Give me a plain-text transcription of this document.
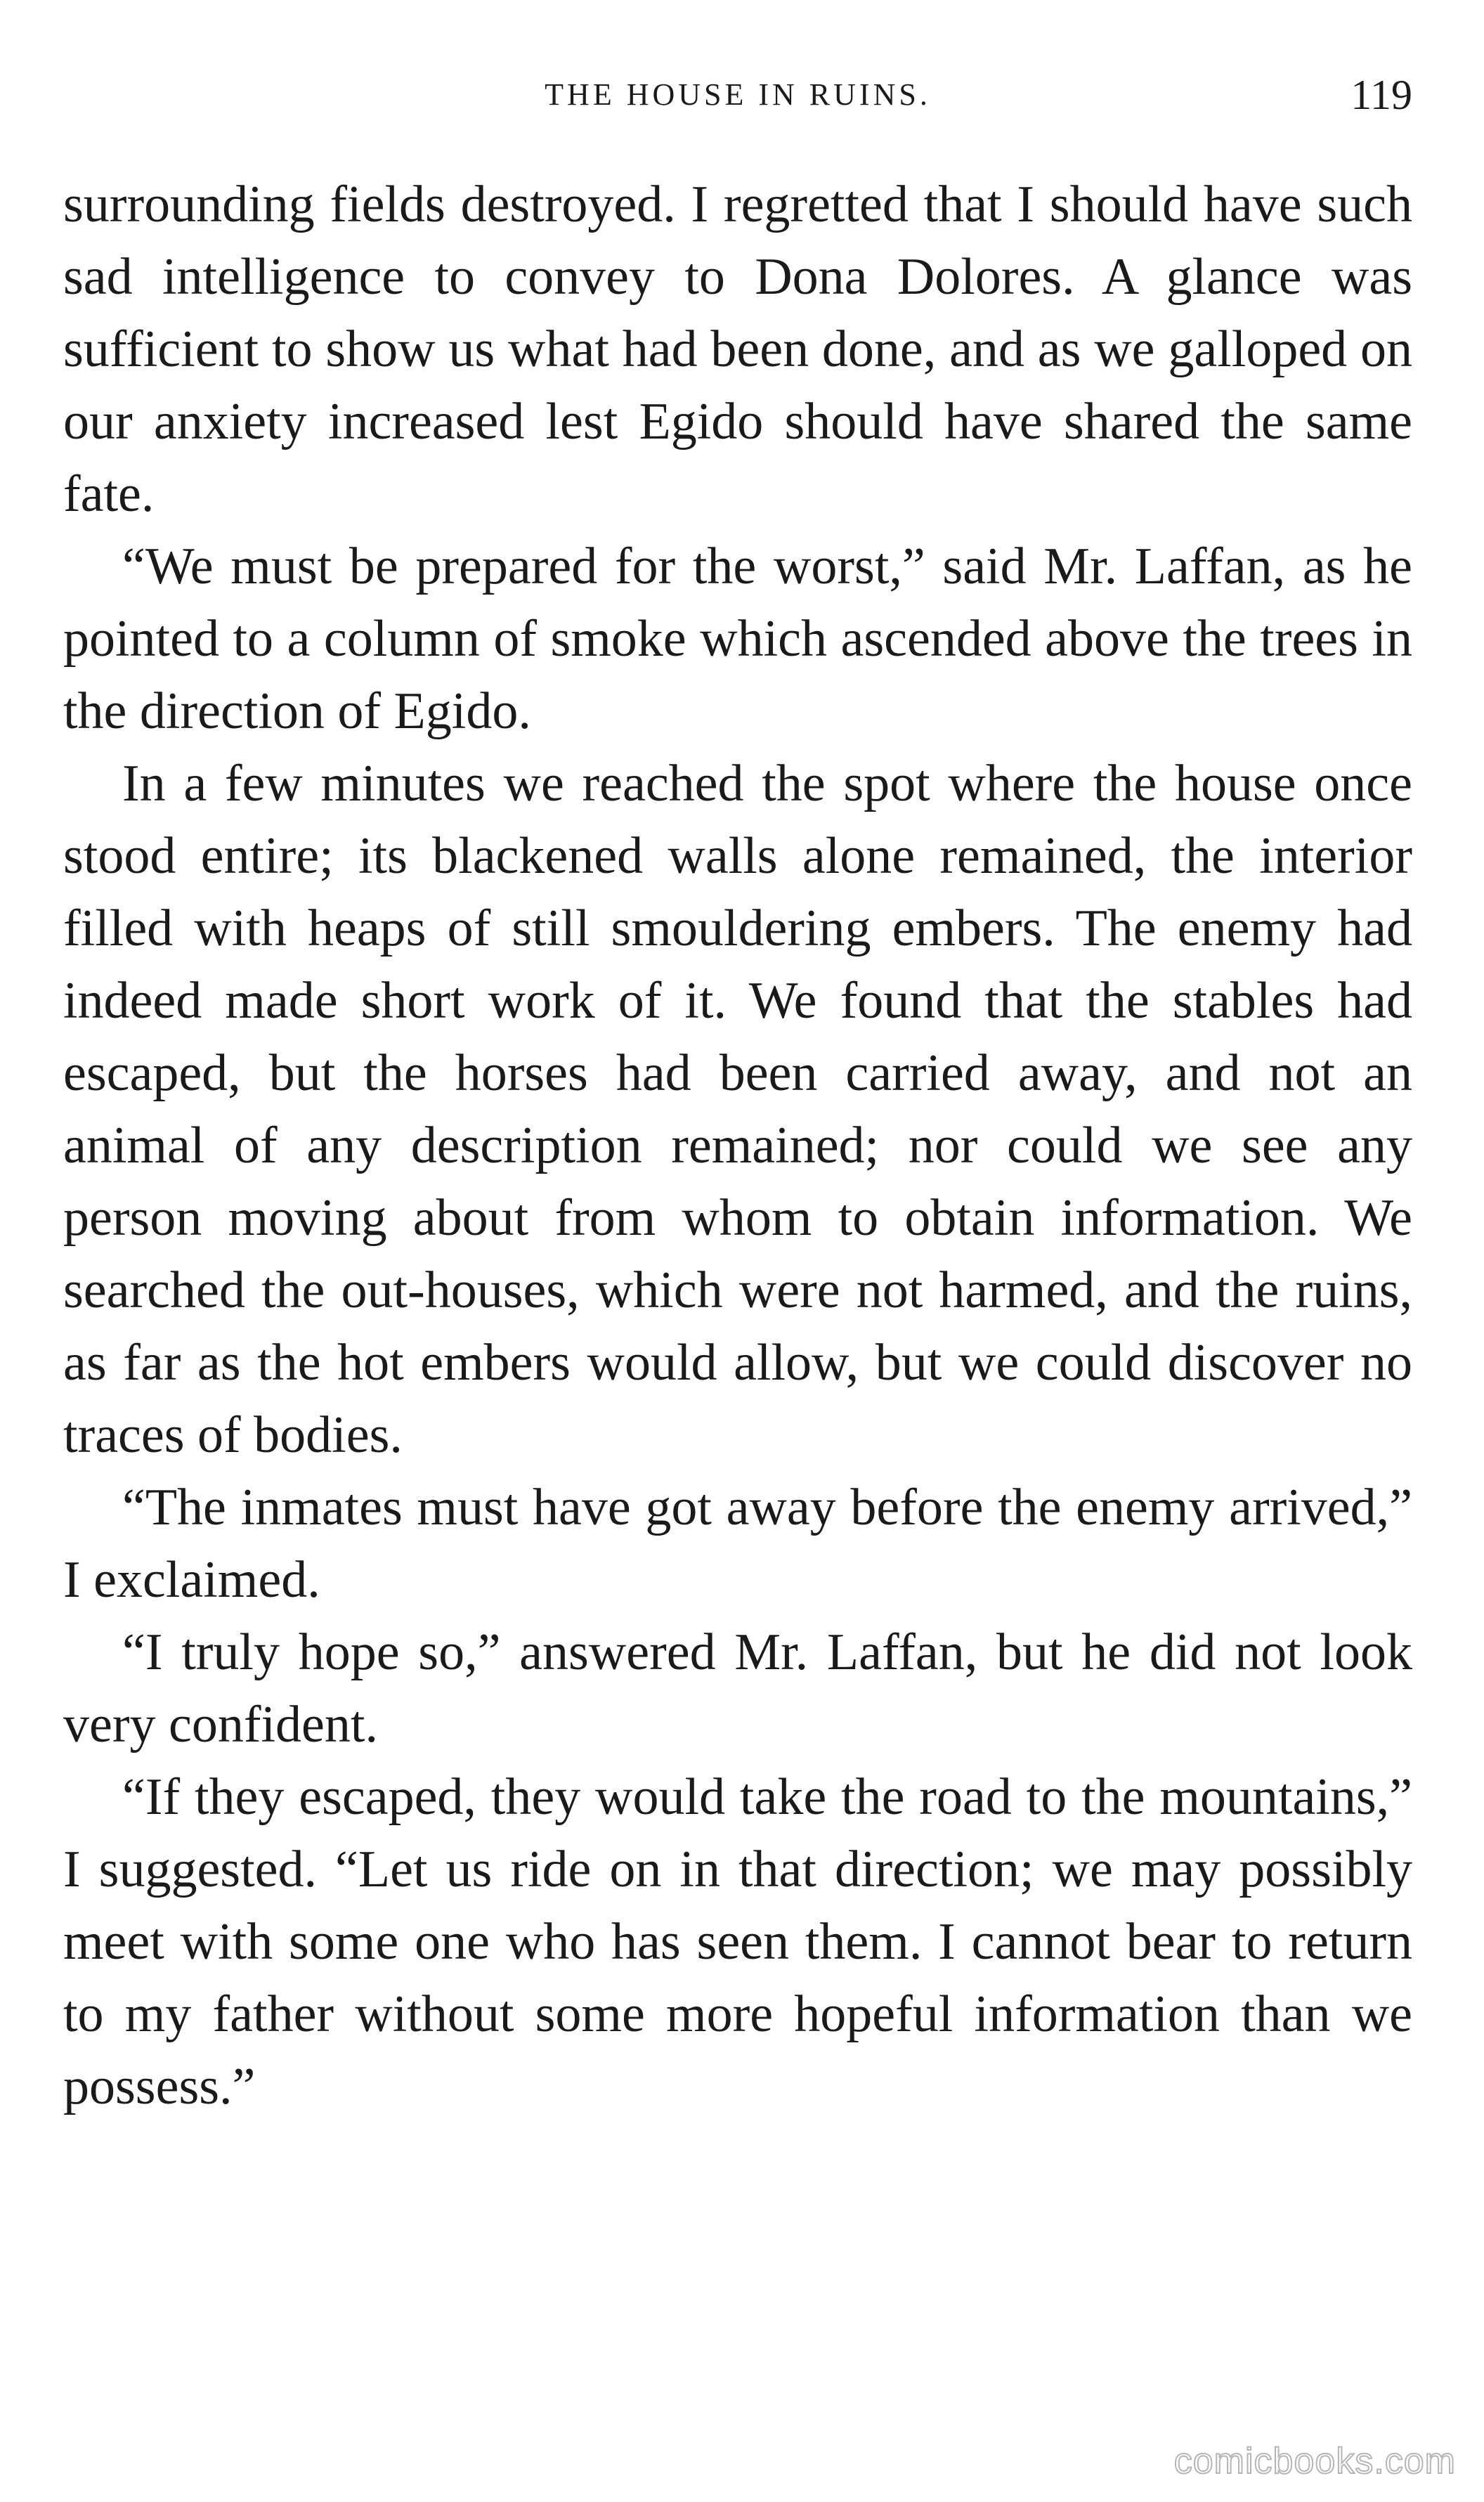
THE HOUSE IN RUINS.	119

surrounding fields destroyed. I regretted that I should have such sad intelligence to convey to Dona Dolores. A glance was sufficient to show us what had been done, and as we galloped on our anxiety increased lest Egido should have shared the same fate.

“We must be prepared for the worst,” said Mr. Laffan, as he pointed to a column of smoke which ascended above the trees in the direction of Egido.

In a few minutes we reached the spot where the house once stood entire; its blackened walls alone remained, the interior filled with heaps of still smouldering embers. The enemy had indeed made short work of it. We found that the stables had escaped, but the horses had been carried away, and not an animal of any description remained; nor could we see any person moving about from whom to obtain information. We searched the out-houses, which were not harmed, and the ruins, as far as the hot embers would allow, but we could discover no traces of bodies.

“The inmates must have got away before the enemy arrived,” I exclaimed.

“I truly hope so,” answered Mr. Laffan, but he did not look very confident.

“If they escaped, they would take the road to the mountains,” I suggested. “Let us ride on in that direction; we may possibly meet with some one who has seen them. I cannot bear to return to my father without some more hopeful information than we possess.”

comicbooks.com
